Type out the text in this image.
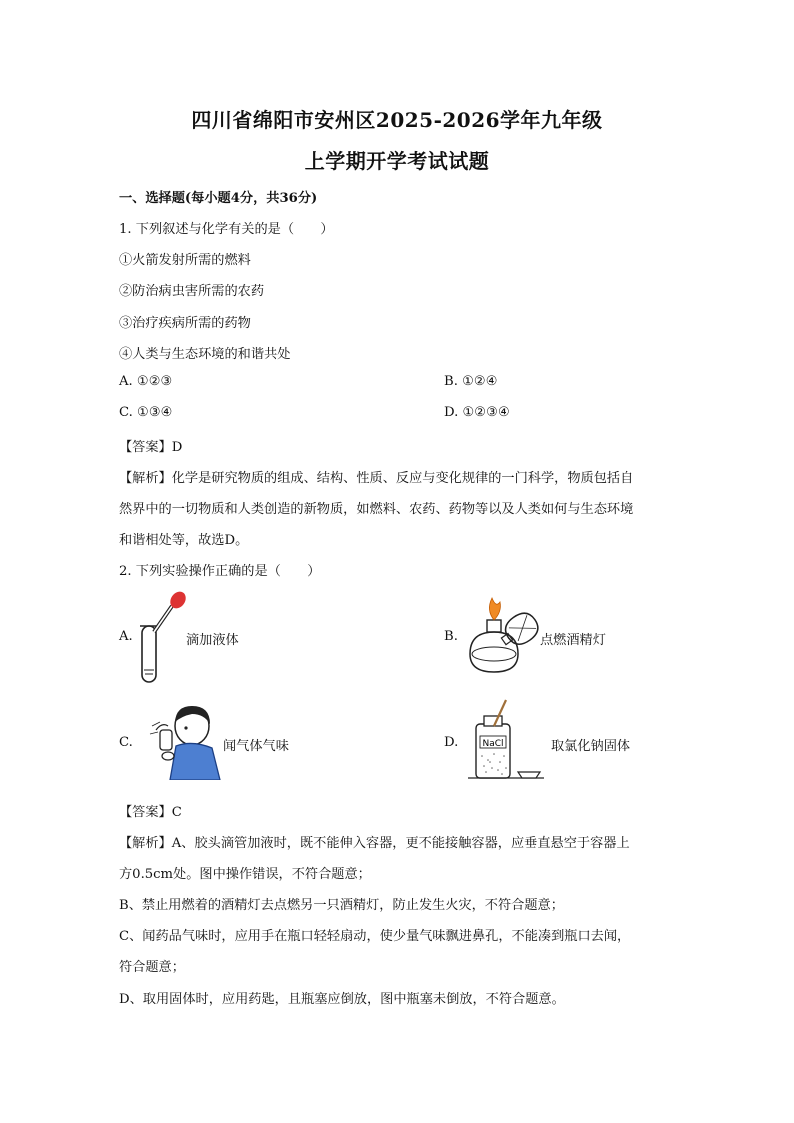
四川省绵阳市安州区2025-2026学年九年级
上学期开学考试试题
一、选择题(每小题4分，共36分)
1. 下列叙述与化学有关的是（　　）
①火箭发射所需的燃料
②防治病虫害所需的农药
③治疗疾病所需的药物
④人类与生态环境的和谐共处
A. ①②③	B. ①②④
C. ①③④	D. ①②③④
【答案】D
【解析】化学是研究物质的组成、结构、性质、反应与变化规律的一门科学，物质包括自
然界中的一切物质和人类创造的新物质，如燃料、农药、药物等以及人类如何与生态环境
和谐相处等，故选D。
2. 下列实验操作正确的是（　　）
A.	滴加液体	B.	点燃酒精灯
C.	闻气体气味	D.	NaCl	取氯化钠固体
【答案】C
【解析】A、胶头滴管加液时，既不能伸入容器，更不能接触容器，应垂直悬空于容器上
方0.5cm处。图中操作错误，不符合题意；
B、禁止用燃着的酒精灯去点燃另一只酒精灯，防止发生火灾，不符合题意；
C、闻药品气味时，应用手在瓶口轻轻扇动，使少量气味飘进鼻孔，不能凑到瓶口去闻，
符合题意；
D、取用固体时，应用药匙，且瓶塞应倒放，图中瓶塞未倒放，不符合题意。
